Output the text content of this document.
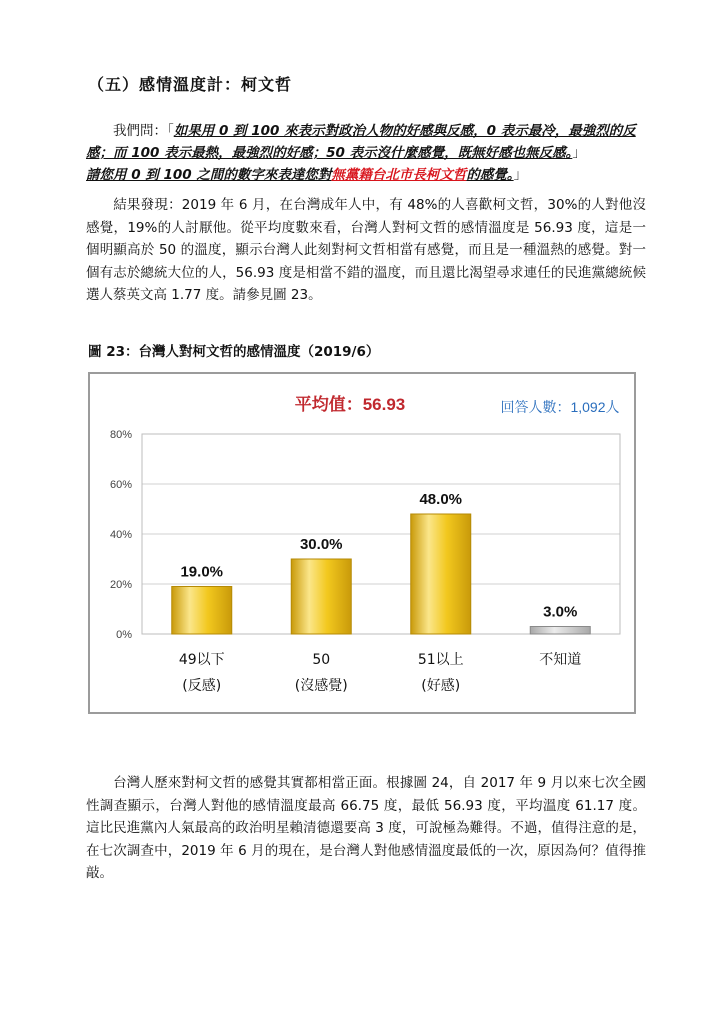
（五）感情溫度計：柯文哲
我們問：「如果用 0 到 100 來表示對政治人物的好感與反感，0 表示最冷，最強烈的反感；而 100 表示最熱，最強烈的好感；50 表示沒什麼感覺，既無好感也無反感。」
請您用 0 到 100 之間的數字來表達您對無黨籍台北市長柯文哲的感覺。」
結果發現：2019 年 6 月，在台灣成年人中，有 48%的人喜歡柯文哲，30%的人對他沒感覺，19%的人討厭他。從平均度數來看，台灣人對柯文哲的感情溫度是 56.93 度，這是一個明顯高於 50 的溫度，顯示台灣人此刻對柯文哲相當有感覺，而且是一種溫熱的感覺。對一個有志於總統大位的人，56.93 度是相當不錯的溫度，而且還比渴望尋求連任的民進黨總統候選人蔡英文高 1.77 度。請參見圖 23。
圖 23：台灣人對柯文哲的感情溫度（2019/6）
平均值：56.93	回答人數：1,092人
0%
20%
40%
60%
80%
19.0%
49以下
(反感)
30.0%
50
(沒感覺)
48.0%
51以上
(好感)
3.0%
不知道
台灣人歷來對柯文哲的感覺其實都相當正面。根據圖 24，自 2017 年 9 月以來七次全國性調查顯示，台灣人對他的感情溫度最高 66.75 度，最低 56.93 度，平均溫度 61.17 度。這比民進黨內人氣最高的政治明星賴清德還要高 3 度，可說極為難得。不過，值得注意的是，在七次調查中，2019 年 6 月的現在，是台灣人對他感情溫度最低的一次，原因為何？值得推敲。
